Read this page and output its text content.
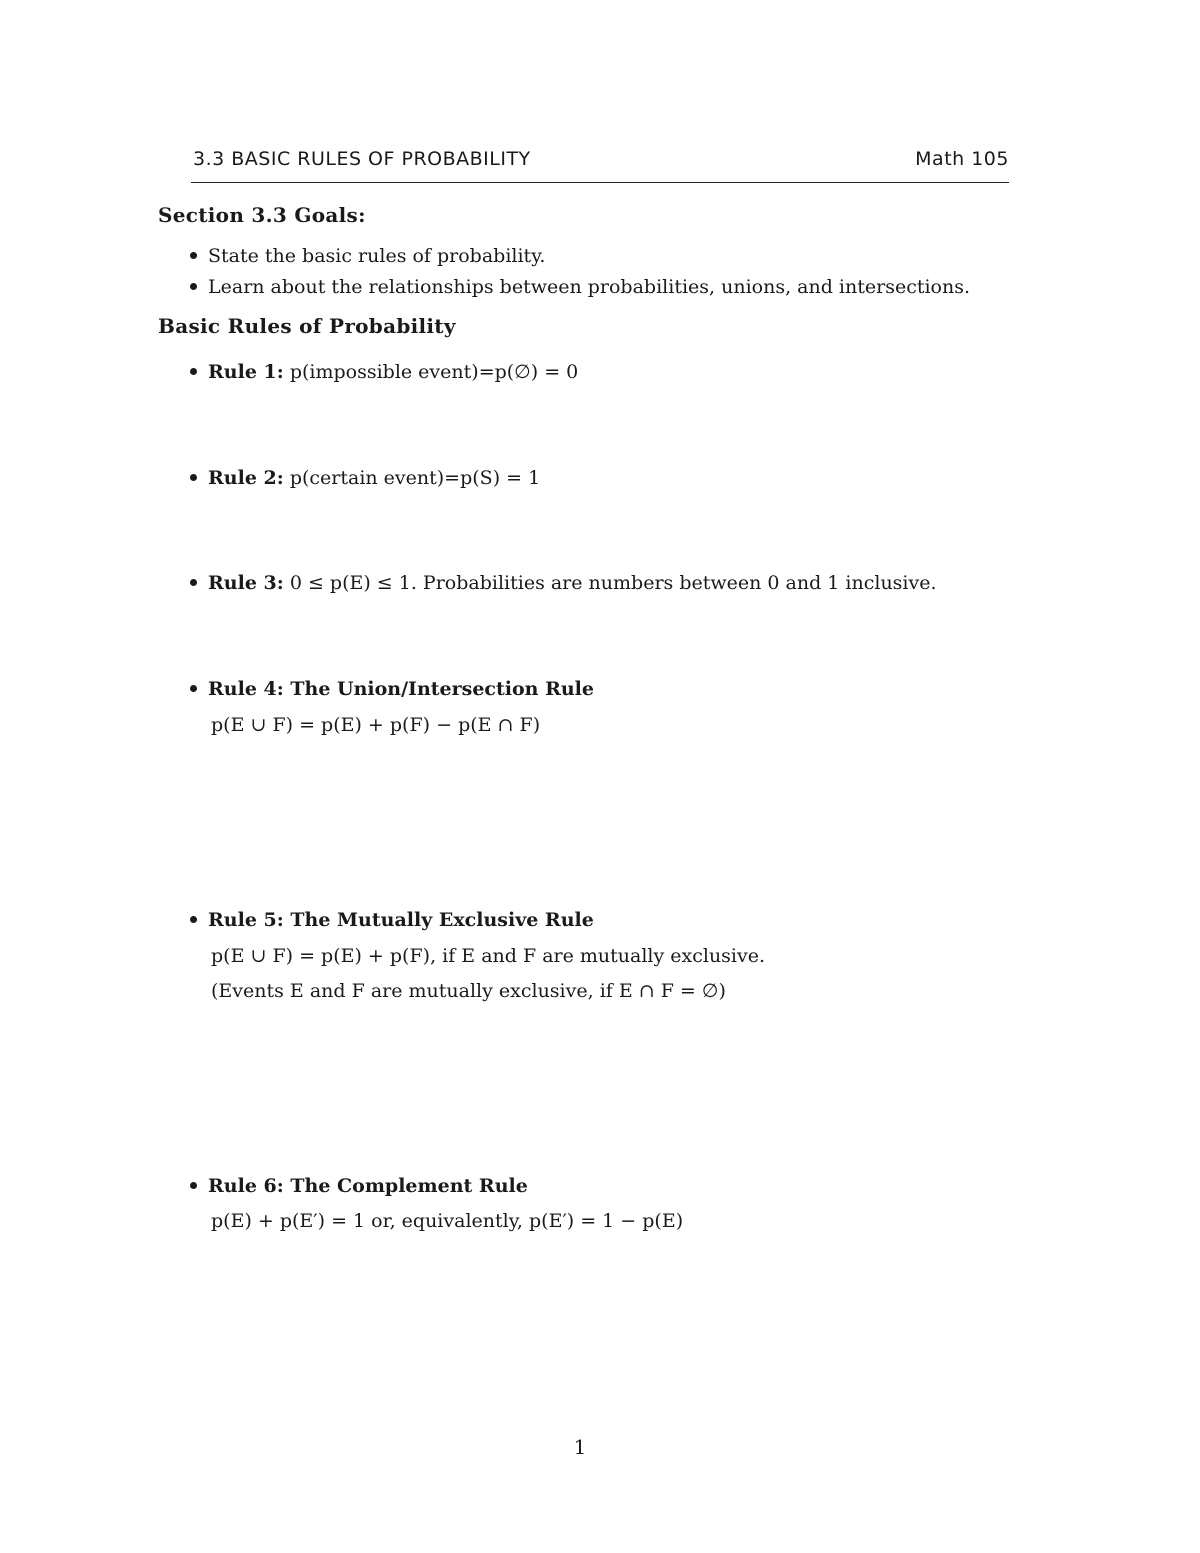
3.3 BASIC RULES OF PROBABILITY	Math 105
Section 3.3 Goals:
State the basic rules of probability.
Learn about the relationships between probabilities, unions, and intersections.
Basic Rules of Probability
Rule 1: p(impossible event)=p(∅) = 0
Rule 2: p(certain event)=p(S) = 1
Rule 3: 0 ≤ p(E) ≤ 1. Probabilities are numbers between 0 and 1 inclusive.
Rule 4: The Union/Intersection Rule
p(E ∪ F) = p(E) + p(F) − p(E ∩ F)
Rule 5: The Mutually Exclusive Rule
p(E ∪ F) = p(E) + p(F), if E and F are mutually exclusive.
(Events E and F are mutually exclusive, if E ∩ F = ∅)
Rule 6: The Complement Rule
p(E) + p(E′) = 1 or, equivalently, p(E′) = 1 − p(E)
1
